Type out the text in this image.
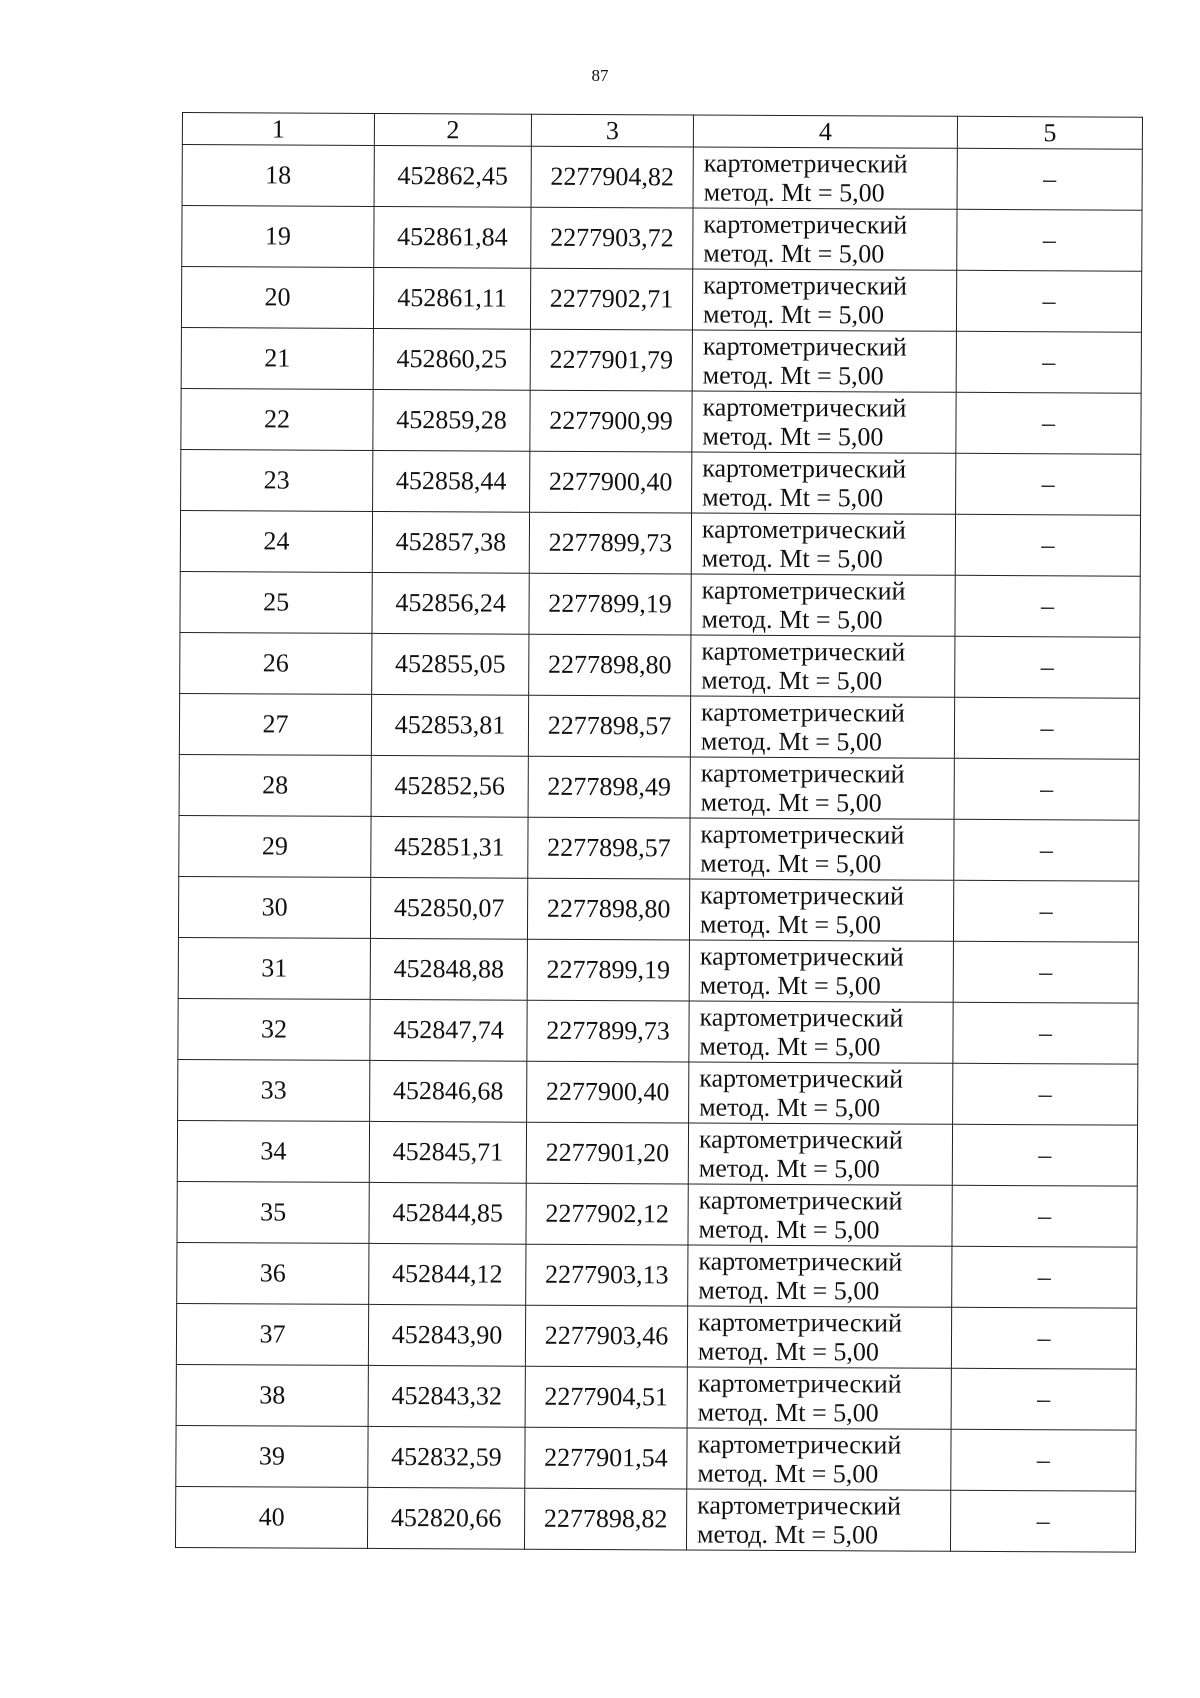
87
1	2	3	4	5
18	452862,45	2277904,82	картометрический
метод. Mt = 5,00	–
19	452861,84	2277903,72	картометрический
метод. Mt = 5,00	–
20	452861,11	2277902,71	картометрический
метод. Mt = 5,00	–
21	452860,25	2277901,79	картометрический
метод. Mt = 5,00	–
22	452859,28	2277900,99	картометрический
метод. Mt = 5,00	–
23	452858,44	2277900,40	картометрический
метод. Mt = 5,00	–
24	452857,38	2277899,73	картометрический
метод. Mt = 5,00	–
25	452856,24	2277899,19	картометрический
метод. Mt = 5,00	–
26	452855,05	2277898,80	картометрический
метод. Mt = 5,00	–
27	452853,81	2277898,57	картометрический
метод. Mt = 5,00	–
28	452852,56	2277898,49	картометрический
метод. Mt = 5,00	–
29	452851,31	2277898,57	картометрический
метод. Mt = 5,00	–
30	452850,07	2277898,80	картометрический
метод. Mt = 5,00	–
31	452848,88	2277899,19	картометрический
метод. Mt = 5,00	–
32	452847,74	2277899,73	картометрический
метод. Mt = 5,00	–
33	452846,68	2277900,40	картометрический
метод. Mt = 5,00	–
34	452845,71	2277901,20	картометрический
метод. Mt = 5,00	–
35	452844,85	2277902,12	картометрический
метод. Mt = 5,00	–
36	452844,12	2277903,13	картометрический
метод. Mt = 5,00	–
37	452843,90	2277903,46	картометрический
метод. Mt = 5,00	–
38	452843,32	2277904,51	картометрический
метод. Mt = 5,00	–
39	452832,59	2277901,54	картометрический
метод. Mt = 5,00	–
40	452820,66	2277898,82	картометрический
метод. Mt = 5,00	–
